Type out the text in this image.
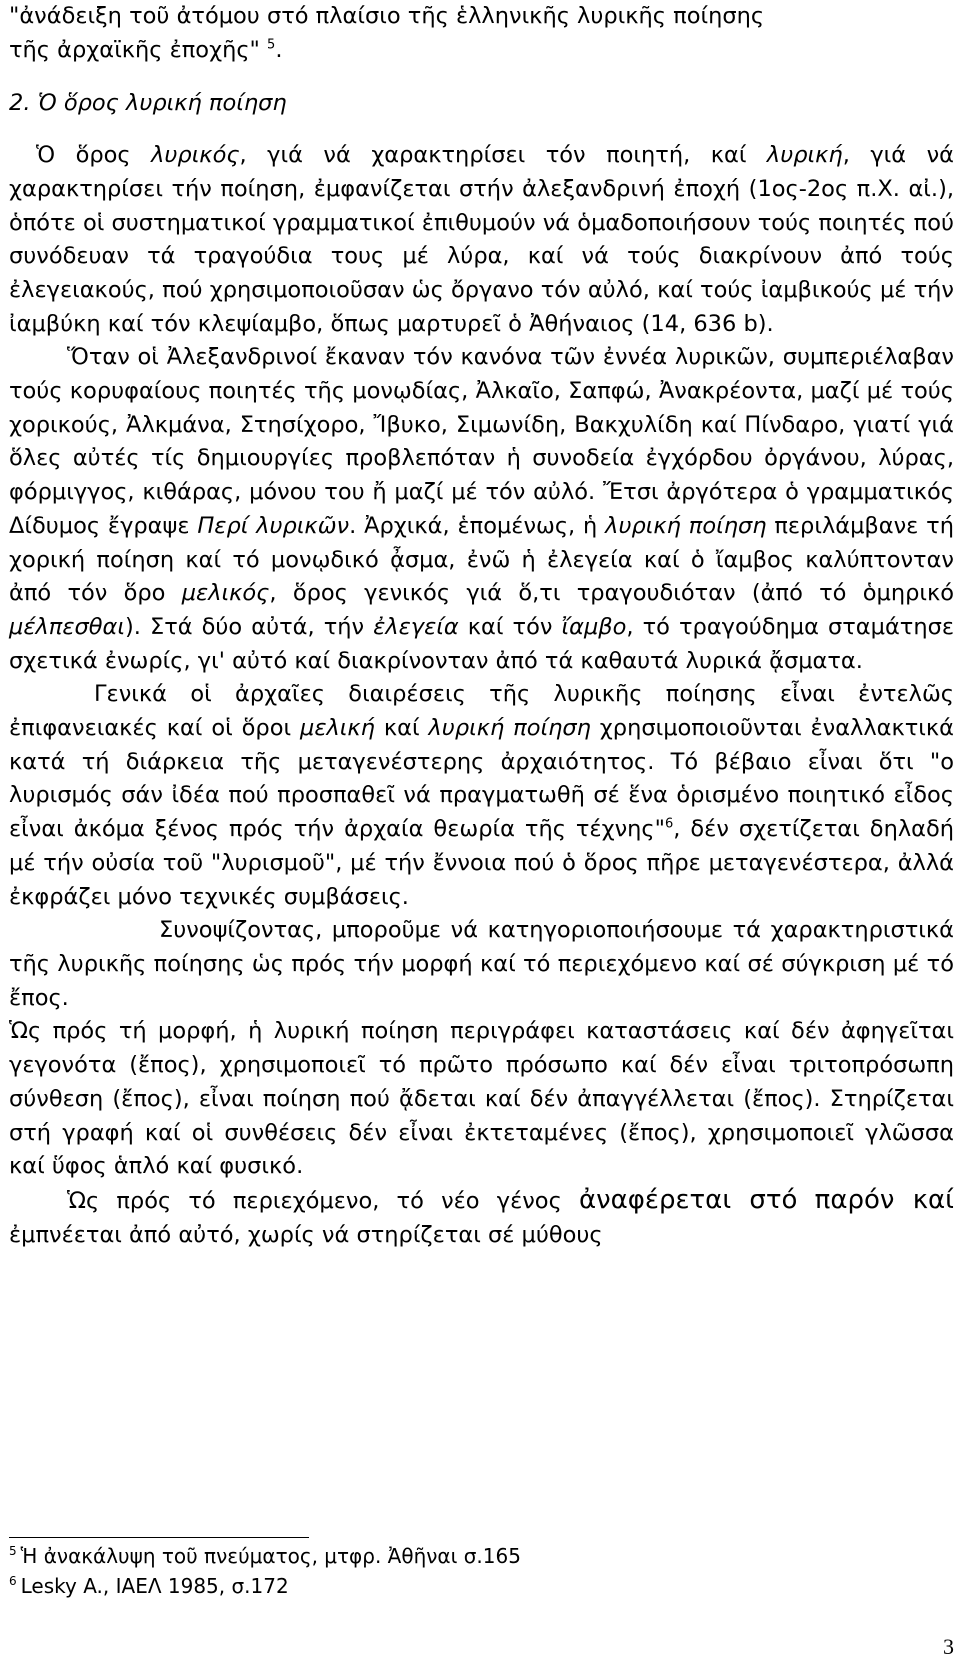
"ἀνάδειξη τοῦ ἀτόμου στό πλαίσιο τῆς ἑλληνικῆς λυρικῆς ποίησης

τῆς ἀρχαϊκῆς ἐποχῆς" $^5$.

2. Ὁ ὅρος λυρική ποίηση

Ὁ ὅρος λυρικός, γιά νά χαρακτηρίσει τόν ποιητή, καί λυρική, γιά νά χαρακτηρίσει τήν ποίηση, ἐμφανίζεται στήν ἀλεξανδρινή ἐποχή (1ος-2ος π.Χ. αἰ.), ὁπότε οἱ συστηματικοί γραμματικοί ἐπιθυμούν νά ὁμαδοποιήσουν τούς ποιητές πού συνόδευαν τά τραγούδια τους μέ λύρα, καί νά τούς διακρίνουν ἀπό τούς ἐλεγειακούς, πού χρησιμοποιοῦσαν ὡς ὄργανο τόν αὐλό, καί τούς ἰαμβικούς μέ τήν ἰαμβύκη καί τόν κλεψίαμβο, ὅπως μαρτυρεῖ ὁ Ἀθήναιος (14, 636 b).

Ὅταν οἱ Ἀλεξανδρινοί ἔκαναν τόν κανόνα τῶν ἐννέα λυρικῶν, συμπεριέλαβαν τούς κορυφαίους ποιητές τῆς μονῳδίας, Ἀλκαῖο, Σαπφώ, Ἀνακρέοντα, μαζί μέ τούς χορικούς, Ἀλκμάνα, Στησίχορο, Ἴβυκο, Σιμωνίδη, Βακχυλίδη καί Πίνδαρο, γιατί γιά ὅλες αὐτές τίς δημιουργίες προβλεπόταν ἡ συνοδεία ἐγχόρδου ὀργάνου, λύρας, φόρμιγγος, κιθάρας, μόνου του ἤ μαζί μέ τόν αὐλό. Ἔτσι ἀργότερα ὁ γραμματικός Δίδυμος ἔγραψε Περί λυρικῶν. Ἀρχικά, ἑπομένως, ἡ λυρική ποίηση περιλάμβανε τή χορική ποίηση καί τό μονῳδικό ᾆσμα, ἐνῶ ἡ ἐλεγεία καί ὁ ἴαμβος καλύπτονταν ἀπό τόν ὅρο μελικός, ὅρος γενικός γιά ὅ,τι τραγουδιόταν (ἀπό τό ὁμηρικό μέλπεσθαι). Στά δύο αὐτά, τήν ἐλεγεία καί τόν ἴαμβο, τό τραγούδημα σταμάτησε σχετικά ἐνωρίς, γι' αὐτό καί διακρίνονταν ἀπό τά καθαυτά λυρικά ᾄσματα.

Γενικά οἱ ἀρχαῖες διαιρέσεις τῆς λυρικῆς ποίησης εἶναι ἐντελῶς ἐπιφανειακές καί οἱ ὅροι μελική καί λυρική ποίηση χρησιμοποιοῦνται ἐναλλακτικά κατά τή διάρκεια τῆς μεταγενέστερης ἀρχαιότητος. Τό βέβαιο εἶναι ὅτι "ο λυρισμός σάν ἰδέα πού προσπαθεῖ νά πραγματωθῆ σέ ἕνα ὁρισμένο ποιητικό εἶδος εἶναι ἀκόμα ξένος πρός τήν ἀρχαία θεωρία τῆς τέχνης"$^6$, δέν σχετίζεται δηλαδή μέ τήν οὐσία τοῦ "λυρισμοῦ", μέ τήν ἔννοια πού ὁ ὅρος πῆρε μεταγενέστερα, ἀλλά ἐκφράζει μόνο τεχνικές συμβάσεις.

Συνοψίζοντας, μποροῦμε νά κατηγοριοποιήσουμε τά χαρακτηριστικά τῆς λυρικῆς ποίησης ὡς πρός τήν μορφή καί τό περιεχόμενο καί σέ σύγκριση μέ τό ἔπος.

Ὡς πρός τή μορφή, ἡ λυρική ποίηση περιγράφει καταστάσεις καί δέν ἀφηγεῖται γεγονότα (ἔπος), χρησιμοποιεῖ τό πρῶτο πρόσωπο καί δέν εἶναι τριτοπρόσωπη σύνθεση (ἔπος), εἶναι ποίηση πού ᾄδεται καί δέν ἀπαγγέλλεται (ἔπος). Στηρίζεται στή γραφή καί οἱ συνθέσεις δέν εἶναι ἐκτεταμένες (ἔπος), χρησιμοποιεῖ γλῶσσα καί ὕφος ἁπλό καί φυσικό.

Ὡς πρός τό περιεχόμενο, τό νέο γένος ἀναφέρεται στό παρόν καί ἐμπνέεται ἀπό αὐτό, χωρίς νά στηρίζεται σέ μύθους

$^5$ Ἡ ἀνακάλυψη τοῦ πνεύματος, μτφρ. Ἀθῆναι σ.165
$^6$ Lesky A., ΙΑΕΛ 1985, σ.172
3
